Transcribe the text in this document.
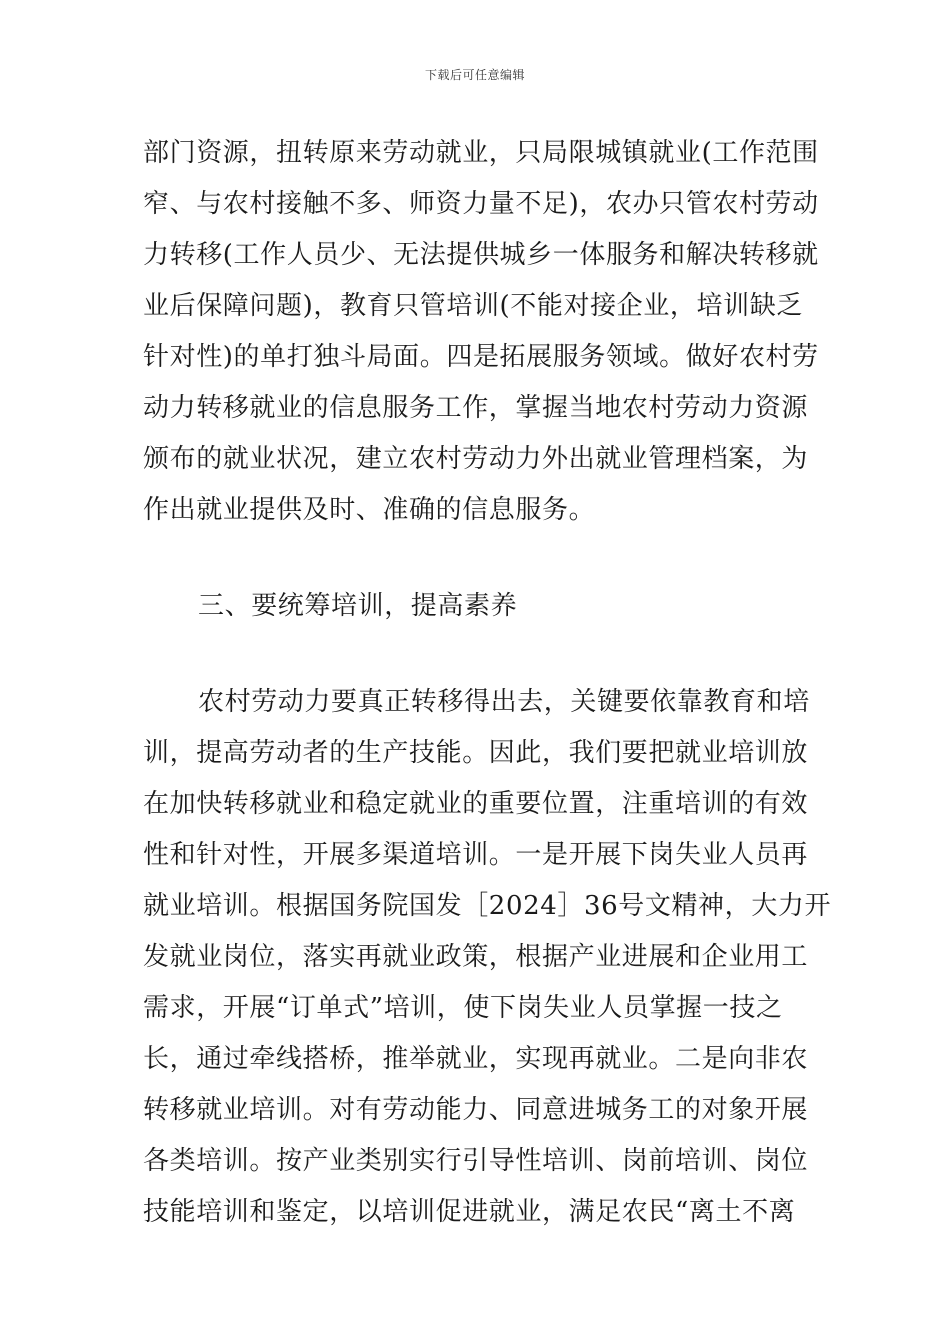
下载后可任意编辑
部门资源，扭转原来劳动就业，只局限城镇就业(工作范围
窄、与农村接触不多、师资力量不足)，农办只管农村劳动
力转移(工作人员少、无法提供城乡一体服务和解决转移就
业后保障问题)，教育只管培训(不能对接企业，培训缺乏
针对性)的单打独斗局面。四是拓展服务领域。做好农村劳
动力转移就业的信息服务工作，掌握当地农村劳动力资源
颁布的就业状况，建立农村劳动力外出就业管理档案，为
作出就业提供及时、准确的信息服务。
三、要统筹培训，提高素养
农村劳动力要真正转移得出去，关键要依靠教育和培
训，提高劳动者的生产技能。因此，我们要把就业培训放
在加快转移就业和稳定就业的重要位置，注重培训的有效
性和针对性，开展多渠道培训。一是开展下岗失业人员再
就业培训。根据国务院国发［2024］36号文精神，大力开
发就业岗位，落实再就业政策，根据产业进展和企业用工
需求，开展“订单式”培训，使下岗失业人员掌握一技之
长，通过牵线搭桥，推举就业，实现再就业。二是向非农
转移就业培训。对有劳动能力、同意进城务工的对象开展
各类培训。按产业类别实行引导性培训、岗前培训、岗位
技能培训和鉴定，以培训促进就业，满足农民“离土不离
